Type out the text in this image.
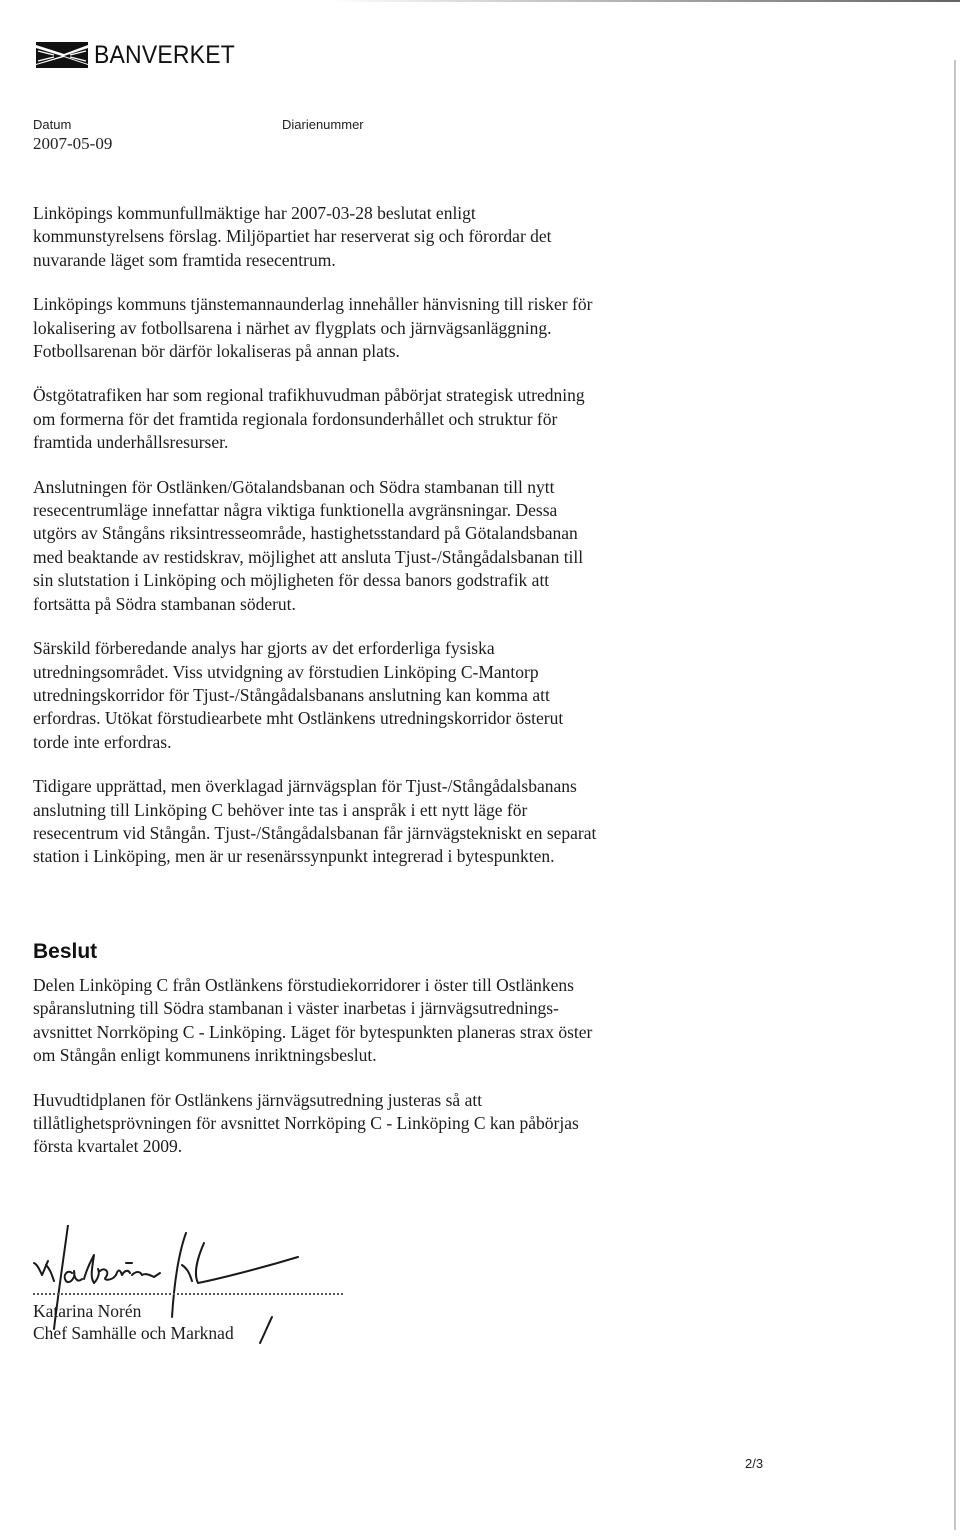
BANVERKET
Datum
2007-05-09
Diarienummer

Linköpings kommunfullmäktige har 2007-03-28 beslutat enligt
kommunstyrelsens förslag. Miljöpartiet har reserverat sig och förordar det
nuvarande läget som framtida resecentrum.

Linköpings kommuns tjänstemannaunderlag innehåller hänvisning till risker för
lokalisering av fotbollsarena i närhet av flygplats och järnvägsanläggning.
Fotbollsarenan bör därför lokaliseras på annan plats.

Östgötatrafiken har som regional trafikhuvudman påbörjat strategisk utredning
om formerna för det framtida regionala fordonsunderhållet och struktur för
framtida underhållsresurser.

Anslutningen för Ostlänken/Götalandsbanan och Södra stambanan till nytt
resecentrumläge innefattar några viktiga funktionella avgränsningar. Dessa
utgörs av Stångåns riksintresseområde, hastighetsstandard på Götalandsbanan
med beaktande av restidskrav, möjlighet att ansluta Tjust-/Stångådalsbanan till
sin slutstation i Linköping och möjligheten för dessa banors godstrafik att
fortsätta på Södra stambanan söderut.

Särskild förberedande analys har gjorts av det erforderliga fysiska
utredningsområdet. Viss utvidgning av förstudien Linköping C-Mantorp
utredningskorridor för Tjust-/Stångådalsbanans anslutning kan komma att
erfordras. Utökat förstudiearbete mht Ostlänkens utredningskorridor österut
torde inte erfordras.

Tidigare upprättad, men överklagad järnvägsplan för Tjust-/Stångådalsbanans
anslutning till Linköping C behöver inte tas i anspråk i ett nytt läge för
resecentrum vid Stångån. Tjust-/Stångådalsbanan får järnvägstekniskt en separat
station i Linköping, men är ur resenärssynpunkt integrerad i bytespunkten.

Beslut

Delen Linköping C från Ostlänkens förstudiekorridorer i öster till Ostlänkens
spåranslutning till Södra stambanan i väster inarbetas i järnvägsutrednings-
avsnittet Norrköping C - Linköping. Läget för bytespunkten planeras strax öster
om Stångån enligt kommunens inriktningsbeslut.

Huvudtidplanen för Ostlänkens järnvägsutredning justeras så att
tillåtlighetsprövningen för avsnittet Norrköping C - Linköping C kan påbörjas
första kvartalet 2009.

Katarina Norén
Chef Samhälle och Marknad
2/3
